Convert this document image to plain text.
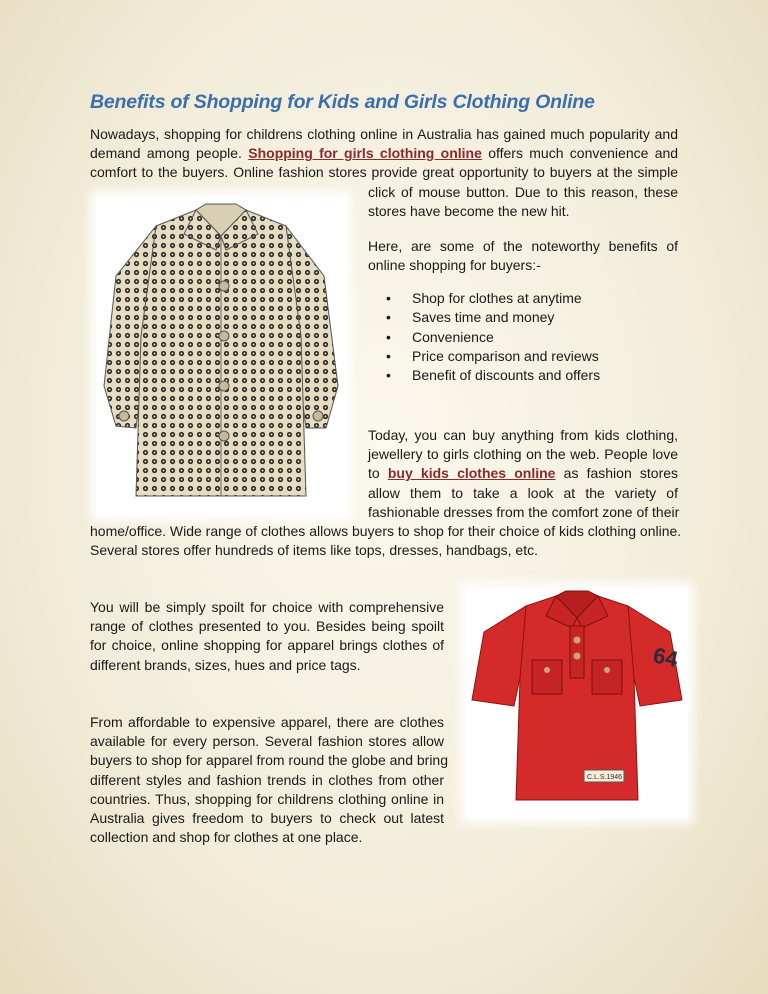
Benefits of Shopping for Kids and Girls Clothing Online
Nowadays, shopping for childrens clothing online in Australia has gained much popularity and
demand among people. Shopping for girls clothing online offers much convenience and
comfort to the buyers. Online fashion stores provide great opportunity to buyers at the simple
click of mouse button. Due to this reason, these
stores have become the new hit.
Here, are some of the noteworthy benefits of
online shopping for buyers:-
• Shop for clothes at anytime
• Saves time and money
• Convenience
• Price comparison and reviews
• Benefit of discounts and offers
Today, you can buy anything from kids clothing,
jewellery to girls clothing on the web. People love
to buy kids clothes online as fashion stores
allow them to take a look at the variety of
fashionable dresses from the comfort zone of their
home/office. Wide range of clothes allows buyers to shop for their choice of kids clothing online.
Several stores offer hundreds of items like tops, dresses, handbags, etc.
You will be simply spoilt for choice with comprehensive
range of clothes presented to you. Besides being spoilt
for choice, online shopping for apparel brings clothes of
different brands, sizes, hues and price tags.
From affordable to expensive apparel, there are clothes
available for every person. Several fashion stores allow
buyers to shop for apparel from round the globe and bring
different styles and fashion trends in clothes from other
countries. Thus, shopping for childrens clothing online in
Australia gives freedom to buyers to check out latest
collection and shop for clothes at one place.
64
C.L.S.1946
